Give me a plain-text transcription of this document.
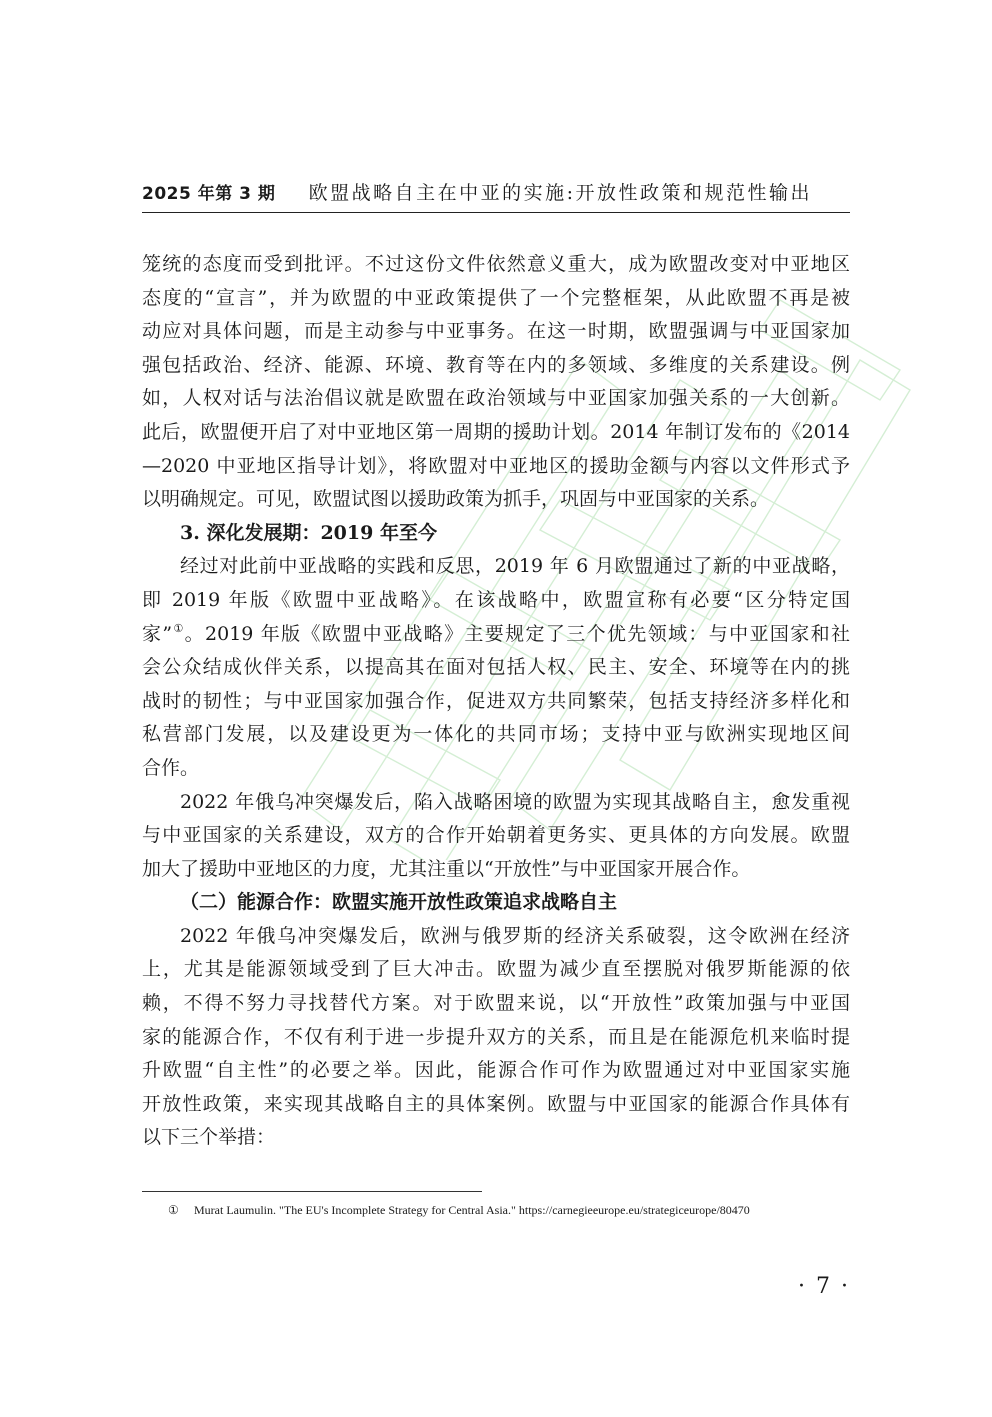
2025 年第 3 期 欧盟战略自主在中亚的实施:开放性政策和规范性输出
笼统的态度而受到批评。不过这份文件依然意义重大，成为欧盟改变对中亚地区
态度的“宣言”，并为欧盟的中亚政策提供了一个完整框架，从此欧盟不再是被
动应对具体问题，而是主动参与中亚事务。在这一时期，欧盟强调与中亚国家加
强包括政治、经济、能源、环境、教育等在内的多领域、多维度的关系建设。例
如，人权对话与法治倡议就是欧盟在政治领域与中亚国家加强关系的一大创新。
此后，欧盟便开启了对中亚地区第一周期的援助计划。2014 年制订发布的《2014
—2020 中亚地区指导计划》，将欧盟对中亚地区的援助金额与内容以文件形式予
以明确规定。可见，欧盟试图以援助政策为抓手，巩固与中亚国家的关系。
3. 深化发展期：2019 年至今
经过对此前中亚战略的实践和反思，2019 年 6 月欧盟通过了新的中亚战略，
即 2019 年版《欧盟中亚战略》。在该战略中，欧盟宣称有必要“区分特定国
家”①。2019 年版《欧盟中亚战略》主要规定了三个优先领域：与中亚国家和社
会公众结成伙伴关系，以提高其在面对包括人权、民主、安全、环境等在内的挑
战时的韧性；与中亚国家加强合作，促进双方共同繁荣，包括支持经济多样化和
私营部门发展，以及建设更为一体化的共同市场；支持中亚与欧洲实现地区间
合作。
2022 年俄乌冲突爆发后，陷入战略困境的欧盟为实现其战略自主，愈发重视
与中亚国家的关系建设，双方的合作开始朝着更务实、更具体的方向发展。欧盟
加大了援助中亚地区的力度，尤其注重以“开放性”与中亚国家开展合作。
（二）能源合作：欧盟实施开放性政策追求战略自主
2022 年俄乌冲突爆发后，欧洲与俄罗斯的经济关系破裂，这令欧洲在经济
上，尤其是能源领域受到了巨大冲击。欧盟为减少直至摆脱对俄罗斯能源的依
赖，不得不努力寻找替代方案。对于欧盟来说，以“开放性”政策加强与中亚国
家的能源合作，不仅有利于进一步提升双方的关系，而且是在能源危机来临时提
升欧盟“自主性”的必要之举。因此，能源合作可作为欧盟通过对中亚国家实施
开放性政策，来实现其战略自主的具体案例。欧盟与中亚国家的能源合作具体有
以下三个举措：
① Murat Laumulin. "The EU's Incomplete Strategy for Central Asia." https://carnegieeurope.eu/strategiceurope/80470
· 7 ·
